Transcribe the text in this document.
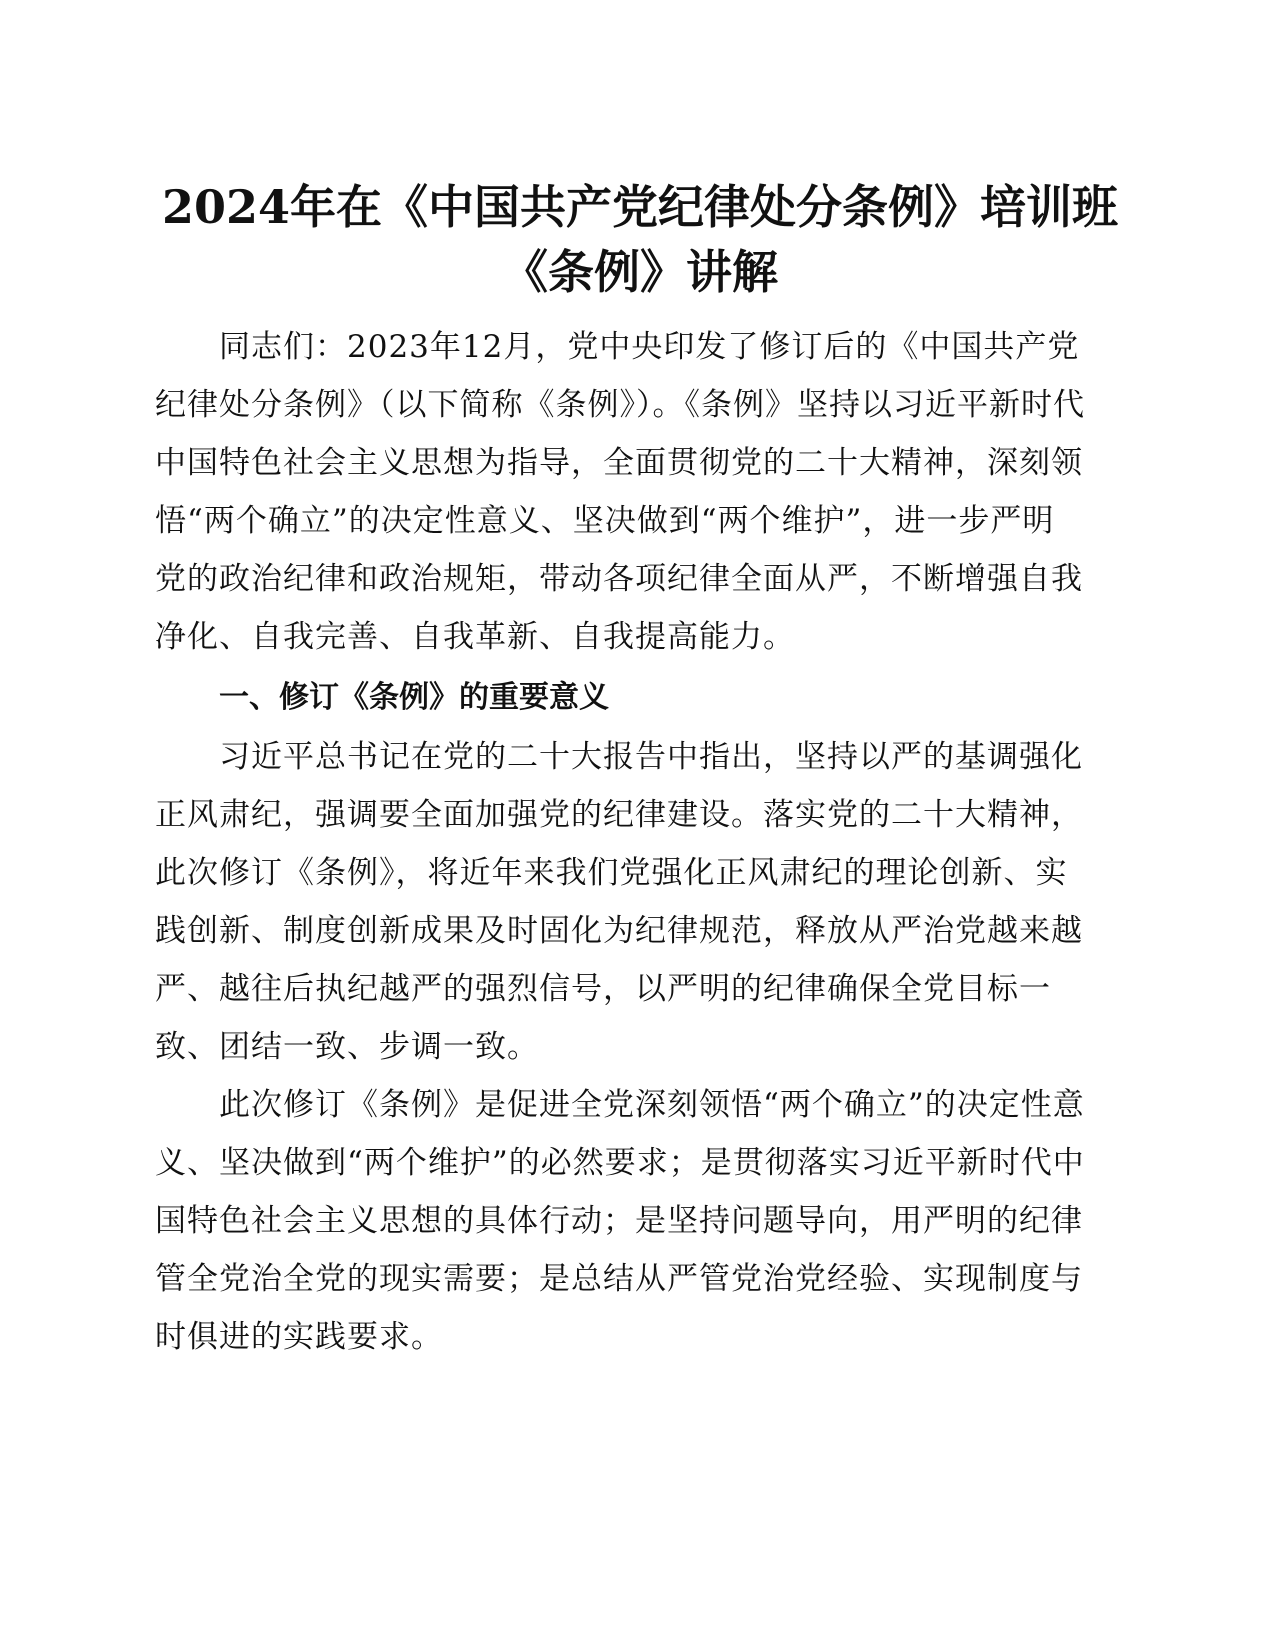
2024年在《中国共产党纪律处分条例》培训班
《条例》讲解

同志们：2023年12月，党中央印发了修订后的《中国共产党纪律处分条例》（以下简称《条例》）。《条例》坚持以习近平新时代中国特色社会主义思想为指导，全面贯彻党的二十大精神，深刻领悟“两个确立”的决定性意义、坚决做到“两个维护”，进一步严明党的政治纪律和政治规矩，带动各项纪律全面从严，不断增强自我净化、自我完善、自我革新、自我提高能力。

一、修订《条例》的重要意义

习近平总书记在党的二十大报告中指出，坚持以严的基调强化正风肃纪，强调要全面加强党的纪律建设。落实党的二十大精神，此次修订《条例》，将近年来我们党强化正风肃纪的理论创新、实践创新、制度创新成果及时固化为纪律规范，释放从严治党越来越严、越往后执纪越严的强烈信号，以严明的纪律确保全党目标一致、团结一致、步调一致。

此次修订《条例》是促进全党深刻领悟“两个确立”的决定性意义、坚决做到“两个维护”的必然要求；是贯彻落实习近平新时代中国特色社会主义思想的具体行动；是坚持问题导向，用严明的纪律管全党治全党的现实需要；是总结从严管党治党经验、实现制度与时俱进的实践要求。
